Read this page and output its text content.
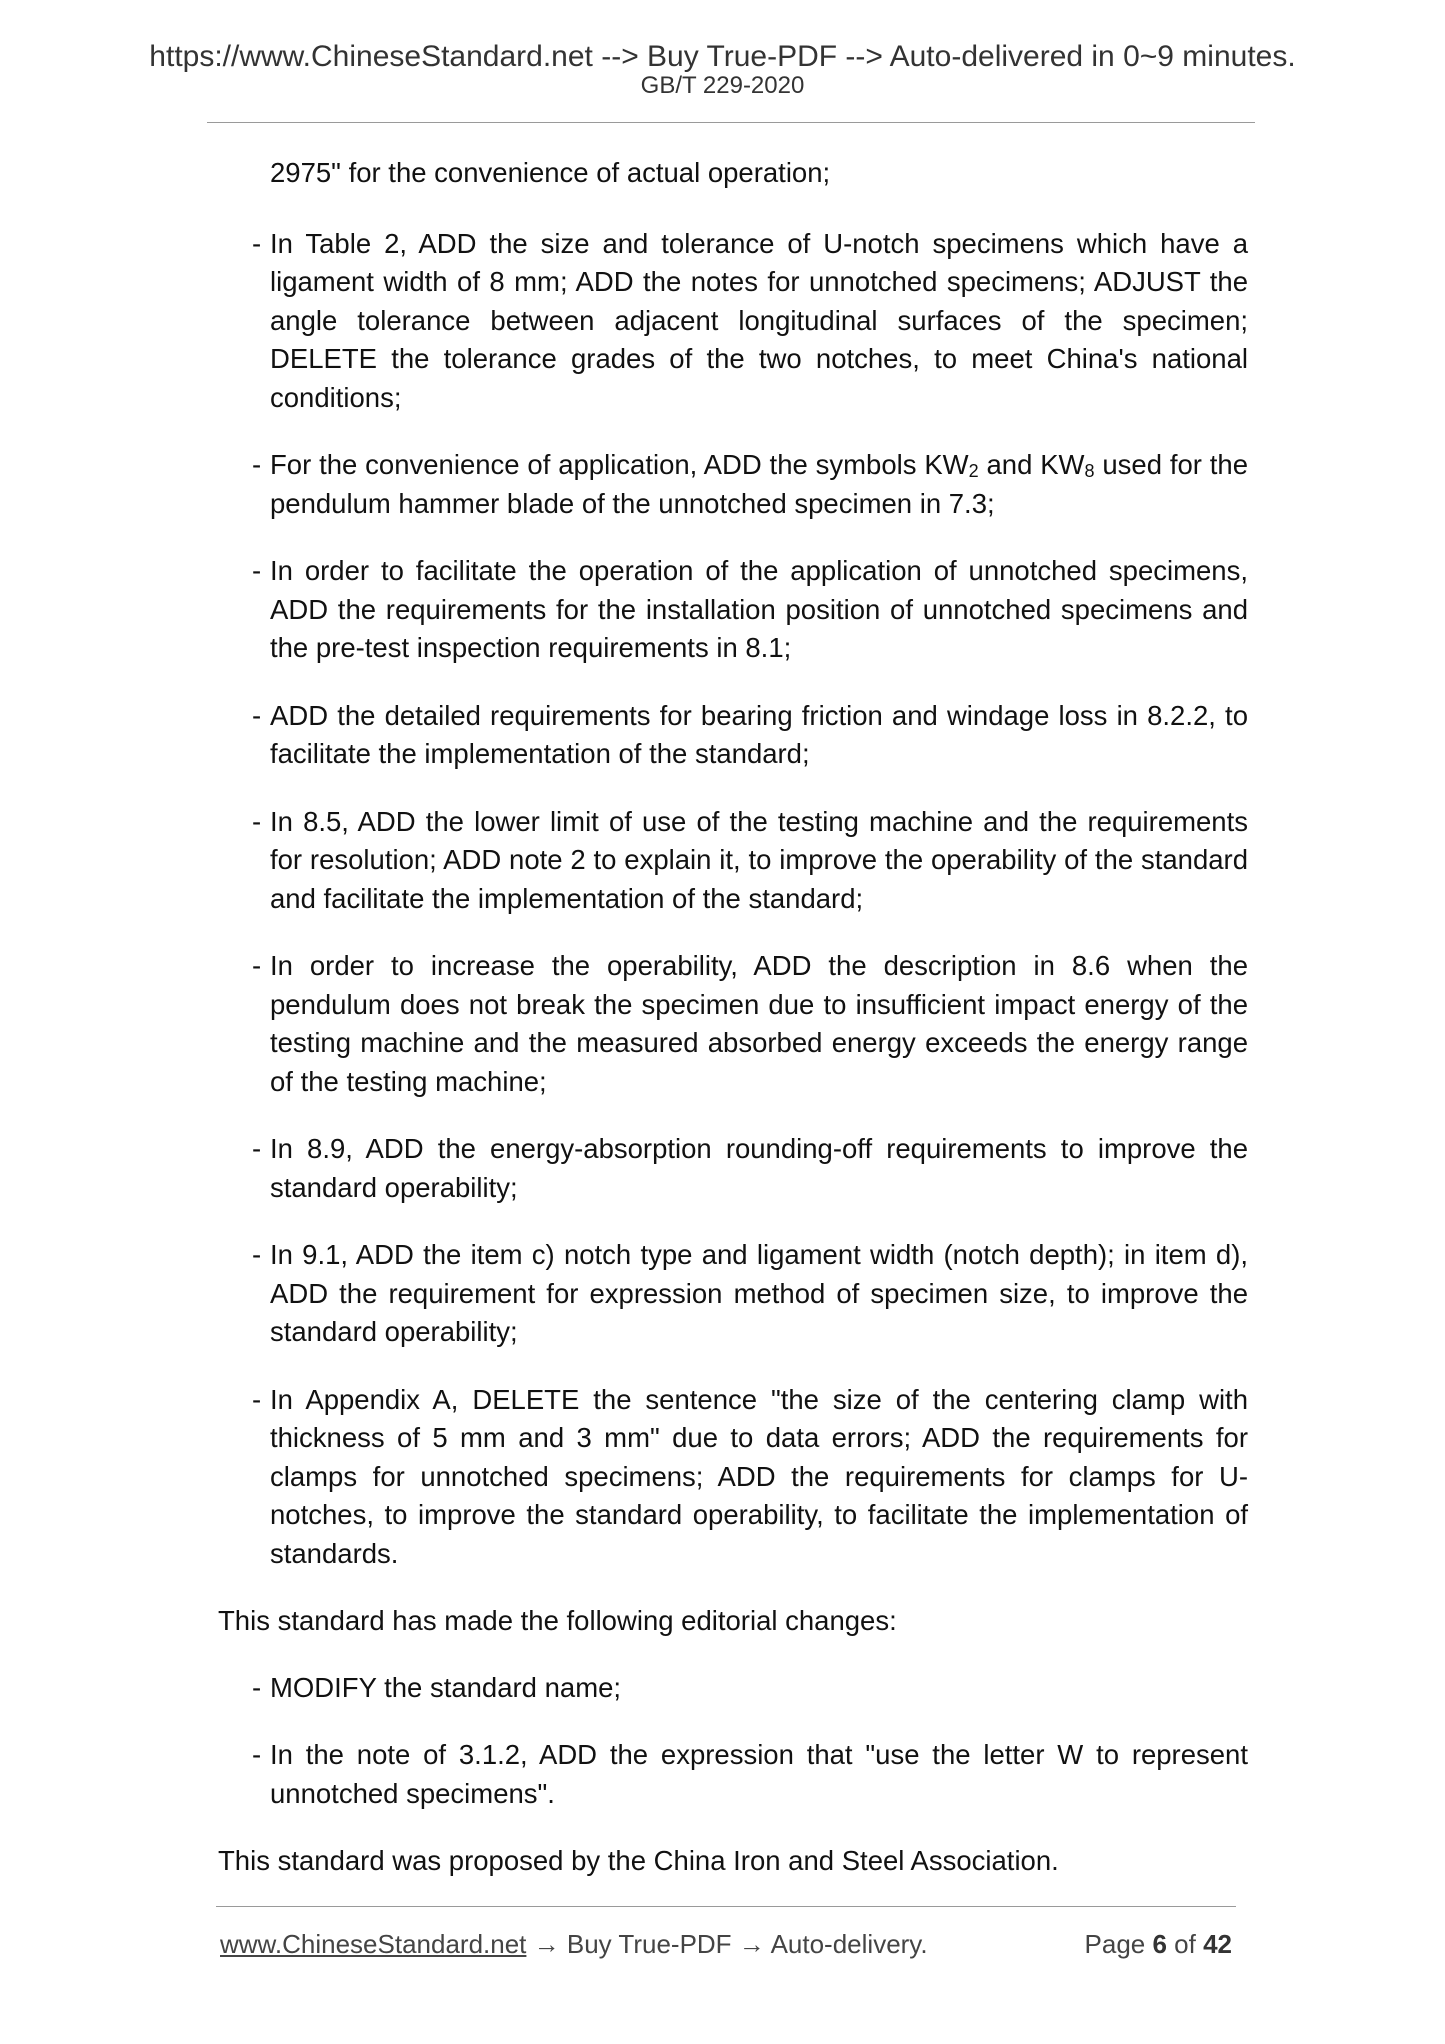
https://www.ChineseStandard.net --> Buy True-PDF --> Auto-delivered in 0~9 minutes.
GB/T 229-2020
2975" for the convenience of actual operation;
- In Table 2, ADD the size and tolerance of U-notch specimens which have a ligament width of 8 mm; ADD the notes for unnotched specimens; ADJUST the angle tolerance between adjacent longitudinal surfaces of the specimen; DELETE the tolerance grades of the two notches, to meet China's national conditions;
- For the convenience of application, ADD the symbols $KW_2$ and $KW_8$ used for the pendulum hammer blade of the unnotched specimen in 7.3;
- In order to facilitate the operation of the application of unnotched specimens, ADD the requirements for the installation position of unnotched specimens and the pre-test inspection requirements in 8.1;
- ADD the detailed requirements for bearing friction and windage loss in 8.2.2, to facilitate the implementation of the standard;
- In 8.5, ADD the lower limit of use of the testing machine and the requirements for resolution; ADD note 2 to explain it, to improve the operability of the standard and facilitate the implementation of the standard;
- In order to increase the operability, ADD the description in 8.6 when the pendulum does not break the specimen due to insufficient impact energy of the testing machine and the measured absorbed energy exceeds the energy range of the testing machine;
- In 8.9, ADD the energy-absorption rounding-off requirements to improve the standard operability;
- In 9.1, ADD the item c) notch type and ligament width (notch depth); in item d), ADD the requirement for expression method of specimen size, to improve the standard operability;
- In Appendix A, DELETE the sentence "the size of the centering clamp with thickness of 5 mm and 3 mm" due to data errors; ADD the requirements for clamps for unnotched specimens; ADD the requirements for clamps for U-notches, to improve the standard operability, to facilitate the implementation of standards.
This standard has made the following editorial changes:
- MODIFY the standard name;
- In the note of 3.1.2, ADD the expression that "use the letter W to represent unnotched specimens".
This standard was proposed by the China Iron and Steel Association.
www.ChineseStandard.net → Buy True-PDF → Auto-delivery.	Page 6 of 42
